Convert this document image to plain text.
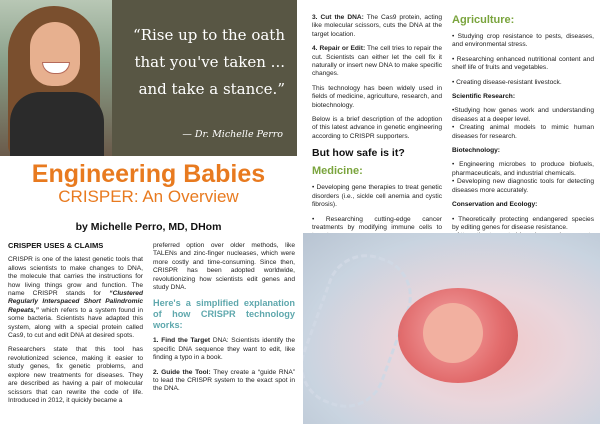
“Rise up to the oath that you've taken ... and take a stance.”
— Dr. Michelle Perro
Engineering Babies
CRISPER: An Overview
by Michelle Perro, MD, DHom

CRISPER USES & CLAIMS

CRISPR is one of the latest genetic tools that allows scientists to make changes to DNA, the molecule that carries the instructions for how living things grow and function. The name CRISPR stands for “Clustered Regularly Interspaced Short Palindromic Repeats,” which refers to a system found in some bacteria. Scientists have adapted this system, along with a special protein called Cas9, to cut and edit DNA at desired spots.

Researchers state that this tool has revolutionized science, making it easier to study genes, fix genetic problems, and explore new treatments for diseases. They are described as having a pair of molecular scissors that can rewrite the code of life. Introduced in 2012, it quickly became a

preferred option over older methods, like TALENs and zinc-finger nucleases, which were more costly and time-consuming. Since then, CRISPR has been adopted worldwide, revolutionizing how scientists edit genes and study DNA.

Here's a simplified explanation of how CRISPR technology works:

1. Find the Target DNA: Scientists identify the specific DNA sequence they want to edit, like finding a typo in a book.

2. Guide the Tool: They create a “guide RNA” to lead the CRISPR system to the exact spot in the DNA.

3. Cut the DNA: The Cas9 protein, acting like molecular scissors, cuts the DNA at the target location.

4. Repair or Edit: The cell tries to repair the cut. Scientists can either let the cell fix it naturally or insert new DNA to make specific changes.

This technology has been widely used in fields of medicine, agriculture, research, and biotechnology.

Below is a brief description of the adoption of this latest advance in genetic engineering according to CRISPR supporters.

But how safe is it?

Medicine:

• Developing gene therapies to treat genetic disorders (i.e., sickle cell anemia and cystic fibrosis).

• Researching cutting-edge cancer treatments by modifying immune cells to

Agriculture:

• Studying crop resistance to pests, diseases, and environmental stress.

• Researching enhanced nutritional content and shelf life of fruits and vegetables.

• Creating disease-resistant livestock.

Scientific Research:

•Studying how genes work and understanding diseases at a deeper level.

• Creating animal models to mimic human diseases for research.

Biotechnology:

• Engineering microbes to produce biofuels, pharmaceuticals, and industrial chemicals.

• Developing new diagnostic tools for detecting diseases more accurately.

Conservation and Ecology:

• Theoretically protecting endangered species by editing genes for disease resistance.
